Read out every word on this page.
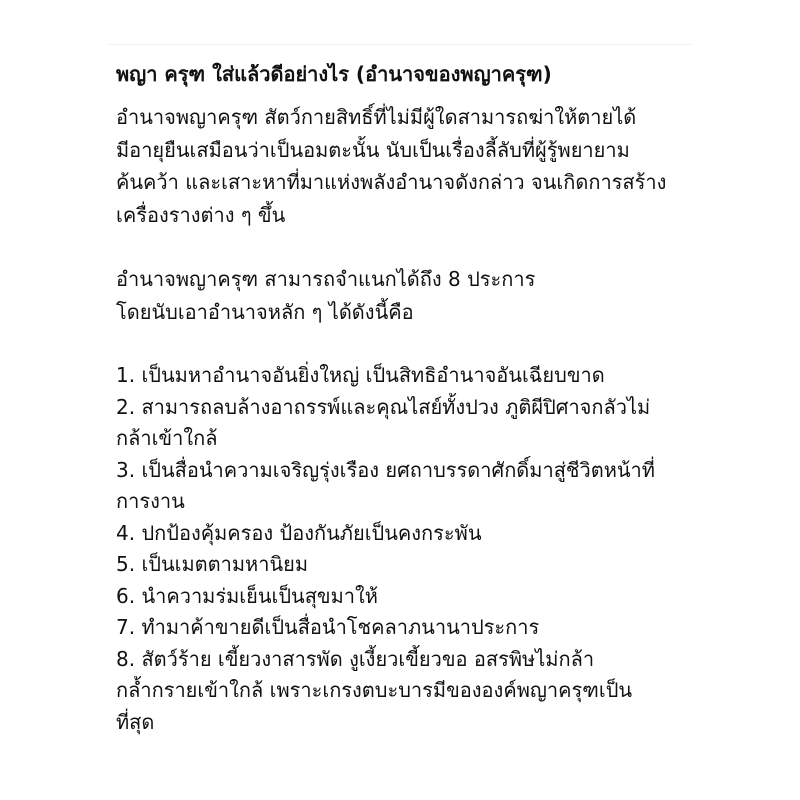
พญา ครุฑ ใส่แล้วดีอย่างไร (อำนาจของพญาครุฑ)
อำนาจพญาครุฑ สัตว์กายสิทธิ์ที่ไม่มีผู้ใดสามารถฆ่าให้ตายได้
มีอายุยืนเสมือนว่าเป็นอมตะนั้น นับเป็นเรื่องลี้ลับที่ผู้รู้พยายาม
ค้นคว้า และเสาะหาที่มาแห่งพลังอำนาจดังกล่าว จนเกิดการสร้าง
เครื่องรางต่าง ๆ ขึ้น
อำนาจพญาครุฑ สามารถจำแนกได้ถึง 8 ประการ
โดยนับเอาอำนาจหลัก ๆ ได้ดังนี้คือ
1. เป็นมหาอำนาจอันยิ่งใหญ่ เป็นสิทธิอำนาจอันเฉียบขาด
2. สามารถลบล้างอาถรรพ์และคุณไสย์ทั้งปวง ภูติผีปิศาจกลัวไม่
กล้าเข้าใกล้
3. เป็นสื่อนำความเจริญรุ่งเรือง ยศถาบรรดาศักดิ์มาสู่ชีวิตหน้าที่
การงาน
4. ปกป้องคุ้มครอง ป้องกันภัยเป็นคงกระพัน
5. เป็นเมตตามหานิยม
6. นำความร่มเย็นเป็นสุขมาให้
7. ทำมาค้าขายดีเป็นสื่อนำโชคลาภนานาประการ
8. สัตว์ร้าย เขี้ยวงาสารพัด งูเงี้ยวเขี้ยวขอ อสรพิษไม่กล้า
กล้ำกรายเข้าใกล้ เพราะเกรงตบะบารมีขององค์พญาครุฑเป็น
ที่สุด
